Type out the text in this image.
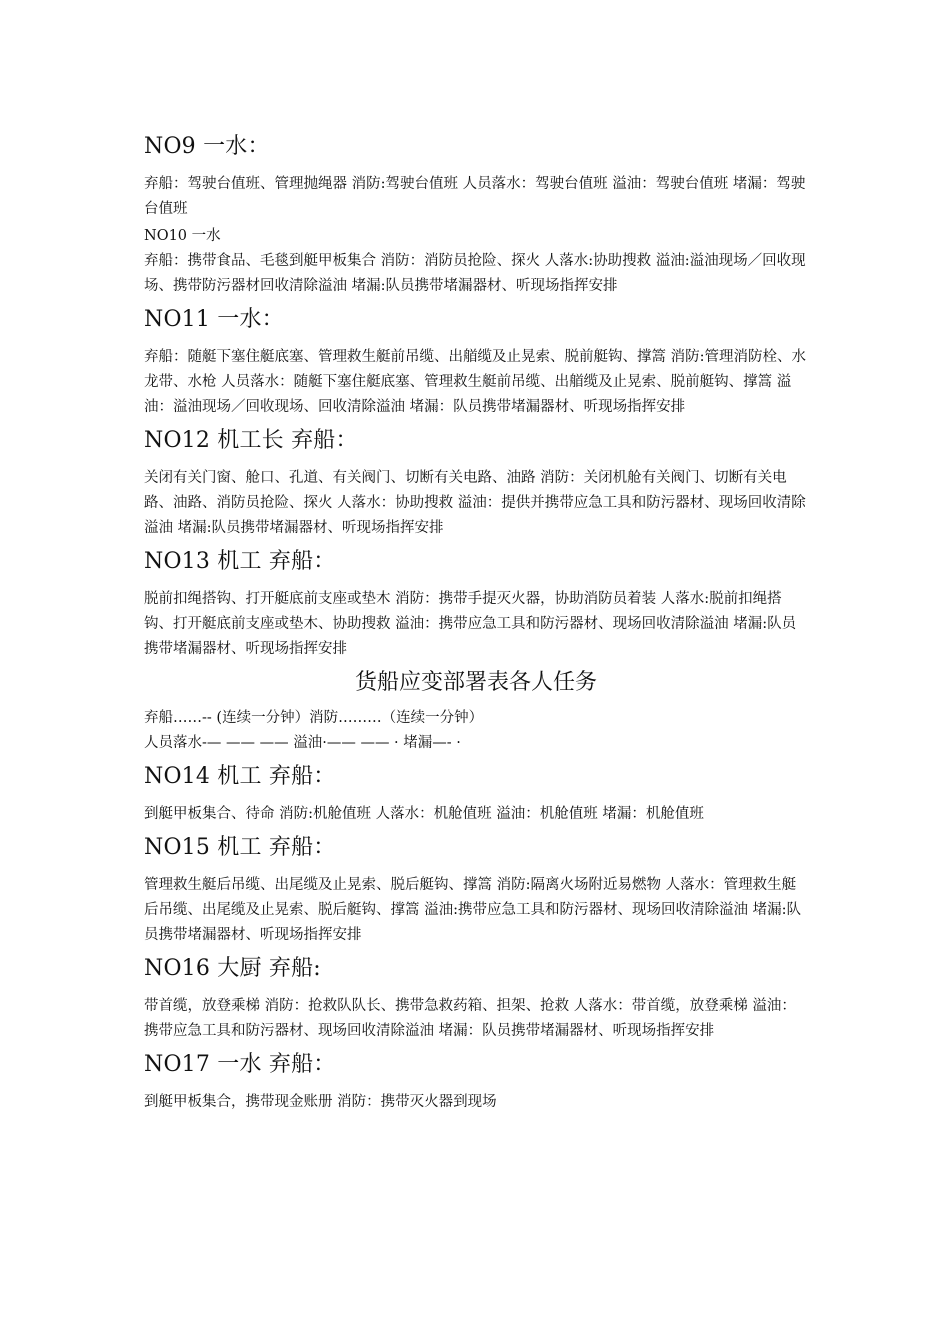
NO9 一水：

弃船：驾驶台值班、管理抛绳器 消防:驾驶台值班 人员落水：驾驶台值班 溢油：驾驶台值班 堵漏：驾驶台值班

NO10 一水

弃船：携带食品、毛毯到艇甲板集合 消防：消防员抢险、探火 人落水:协助搜救 溢油:溢油现场／回收现场、携带防污器材回收清除溢油 堵漏:队员携带堵漏器材、听现场指挥安排

NO11 一水：

弃船：随艇下塞住艇底塞、管理救生艇前吊缆、出艏缆及止晃索、脱前艇钩、撑篙 消防:管理消防栓、水龙带、水枪 人员落水：随艇下塞住艇底塞、管理救生艇前吊缆、出艏缆及止晃索、脱前艇钩、撑篙 溢油：溢油现场／回收现场、回收清除溢油 堵漏：队员携带堵漏器材、听现场指挥安排

NO12 机工长 弃船：

关闭有关门窗、舱口、孔道、有关阀门、切断有关电路、油路 消防：关闭机舱有关阀门、切断有关电路、油路、消防员抢险、探火 人落水：协助搜救 溢油：提供并携带应急工具和防污器材、现场回收清除溢油 堵漏:队员携带堵漏器材、听现场指挥安排

NO13 机工 弃船：

脱前扣绳搭钩、打开艇底前支座或垫木 消防：携带手提灭火器，协助消防员着装 人落水:脱前扣绳搭钩、打开艇底前支座或垫木、协助搜救 溢油：携带应急工具和防污器材、现场回收清除溢油 堵漏:队员携带堵漏器材、听现场指挥安排

货船应变部署表各人任务

弃船……-- (连续一分钟）消防………（连续一分钟）

人员落水-— —— —— 溢油·—— —— · 堵漏—- ·

NO14 机工 弃船：

到艇甲板集合、待命 消防:机舱值班 人落水：机舱值班 溢油：机舱值班 堵漏：机舱值班

NO15 机工 弃船：

管理救生艇后吊缆、出尾缆及止晃索、脱后艇钩、撑篙 消防:隔离火场附近易燃物 人落水：管理救生艇后吊缆、出尾缆及止晃索、脱后艇钩、撑篙 溢油:携带应急工具和防污器材、现场回收清除溢油 堵漏:队员携带堵漏器材、听现场指挥安排

NO16 大厨 弃船:

带首缆，放登乘梯 消防：抢救队队长、携带急救药箱、担架、抢救 人落水：带首缆，放登乘梯 溢油：携带应急工具和防污器材、现场回收清除溢油 堵漏：队员携带堵漏器材、听现场指挥安排

NO17 一水 弃船：

到艇甲板集合，携带现金账册 消防：携带灭火器到现场
